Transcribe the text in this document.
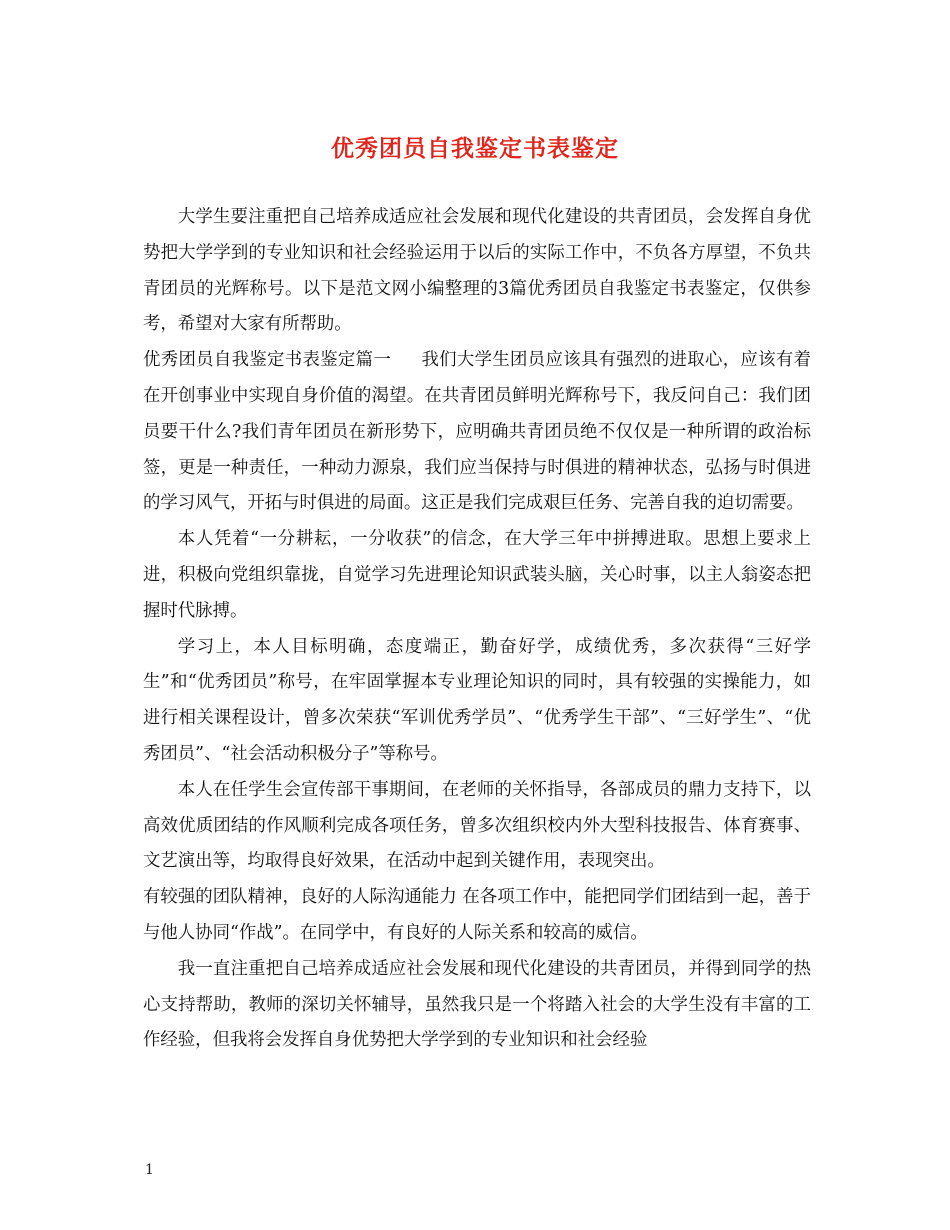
优秀团员自我鉴定书表鉴定

大学生要注重把自己培养成适应社会发展和现代化建设的共青团员，会发挥自身优势把大学学到的专业知识和社会经验运用于以后的实际工作中，不负各方厚望，不负共青团员的光辉称号。以下是范文网小编整理的3篇优秀团员自我鉴定书表鉴定，仅供参考，希望对大家有所帮助。

优秀团员自我鉴定书表鉴定篇一 我们大学生团员应该具有强烈的进取心，应该有着在开创事业中实现自身价值的渴望。在共青团员鲜明光辉称号下，我反问自己：我们团员要干什么?我们青年团员在新形势下，应明确共青团员绝不仅仅是一种所谓的政治标签，更是一种责任，一种动力源泉，我们应当保持与时俱进的精神状态，弘扬与时俱进的学习风气，开拓与时俱进的局面。这正是我们完成艰巨任务、完善自我的迫切需要。

本人凭着“一分耕耘，一分收获”的信念，在大学三年中拼搏进取。思想上要求上进，积极向党组织靠拢，自觉学习先进理论知识武装头脑，关心时事，以主人翁姿态把握时代脉搏。

学习上，本人目标明确，态度端正，勤奋好学，成绩优秀，多次获得“三好学生”和“优秀团员”称号，在牢固掌握本专业理论知识的同时，具有较强的实操能力，如进行相关课程设计，曾多次荣获“军训优秀学员”、“优秀学生干部”、“三好学生”、“优秀团员”、“社会活动积极分子”等称号。

本人在任学生会宣传部干事期间，在老师的关怀指导，各部成员的鼎力支持下，以高效优质团结的作风顺利完成各项任务，曾多次组织校内外大型科技报告、体育赛事、文艺演出等，均取得良好效果，在活动中起到关键作用，表现突出。

有较强的团队精神，良好的人际沟通能力 在各项工作中，能把同学们团结到一起，善于与他人协同“作战”。在同学中，有良好的人际关系和较高的威信。

我一直注重把自己培养成适应社会发展和现代化建设的共青团员，并得到同学的热心支持帮助，教师的深切关怀辅导，虽然我只是一个将踏入社会的大学生没有丰富的工作经验，但我将会发挥自身优势把大学学到的专业知识和社会经验

1
